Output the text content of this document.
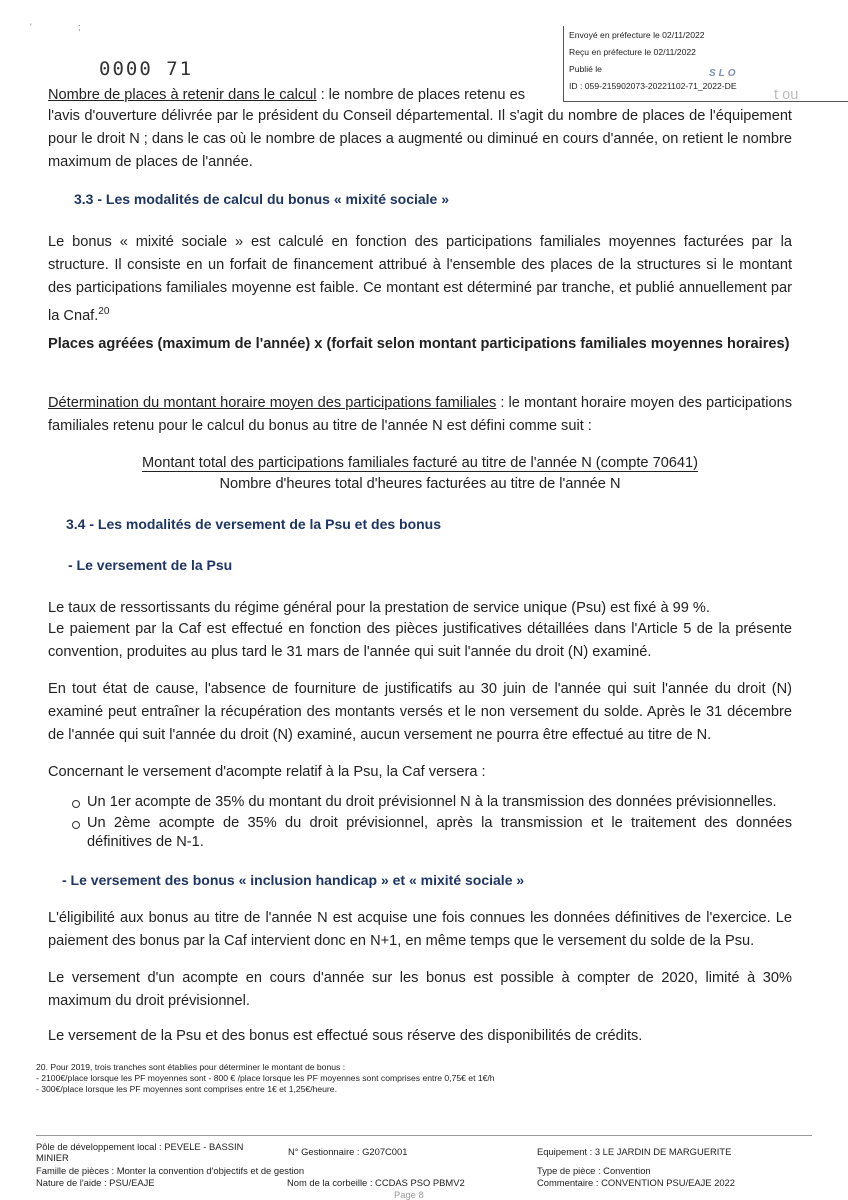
'	;
Envoyé en préfecture le 02/11/2022
Reçu en préfecture le 02/11/2022
Publié le
ID : 059-215902073-20221102-71_2022-DE
SLO
0000 71
Nombre de places à retenir dans le calcul : le nombre de places retenu es	t ou
l'avis d'ouverture délivrée par le président du Conseil départemental. Il s'agit du nombre de places de l'équipement pour le droit N ; dans le cas où le nombre de places a augmenté ou diminué en cours d'année, on retient le nombre maximum de places de l'année.
3.3 - Les modalités de calcul du bonus « mixité sociale »
Le bonus « mixité sociale » est calculé en fonction des participations familiales moyennes facturées par la structure. Il consiste en un forfait de financement attribué à l'ensemble des places de la structures si le montant des participations familiales moyenne est faible. Ce montant est déterminé par tranche, et publié annuellement par la Cnaf.$^{20}$
Places agréées (maximum de l'année) x (forfait selon montant participations familiales moyennes horaires)
Détermination du montant horaire moyen des participations familiales : le montant horaire moyen des participations familiales retenu pour le calcul du bonus au titre de l'année N est défini comme suit :
Montant total des participations familiales facturé au titre de l'année N (compte 70641)
Nombre d'heures total d'heures facturées au titre de l'année N
3.4 - Les modalités de versement de la Psu et des bonus
- Le versement de la Psu
Le taux de ressortissants du régime général pour la prestation de service unique (Psu) est fixé à 99 %.
Le paiement par la Caf est effectué en fonction des pièces justificatives détaillées dans l'Article 5 de la présente convention, produites au plus tard le 31 mars de l'année qui suit l'année du droit (N) examiné.
En tout état de cause, l'absence de fourniture de justificatifs au 30 juin de l'année qui suit l'année du droit (N) examiné peut entraîner la récupération des montants versés et le non versement du solde. Après le 31 décembre de l'année qui suit l'année du droit (N) examiné, aucun versement ne pourra être effectué au titre de N.
Concernant le versement d'acompte relatif à la Psu, la Caf versera :
Un 1er acompte de 35% du montant du droit prévisionnel N à la transmission des données prévisionnelles.
Un 2ème acompte de 35% du droit prévisionnel, après la transmission et le traitement des données définitives de N-1.
- Le versement des bonus « inclusion handicap » et « mixité sociale »
L'éligibilité aux bonus au titre de l'année N est acquise une fois connues les données définitives de l'exercice. Le paiement des bonus par la Caf intervient donc en N+1, en même temps que le versement du solde de la Psu.
Le versement d'un acompte en cours d'année sur les bonus est possible à compter de 2020, limité à 30% maximum du droit prévisionnel.
Le versement de la Psu et des bonus est effectué sous réserve des disponibilités de crédits.
20. Pour 2019, trois tranches sont établies pour déterminer le montant de bonus :
- 2100€/place lorsque les PF moyennes sont - 800 € /place lorsque les PF moyennes sont comprises entre 0,75€ et 1€/h
- 300€/place lorsque les PF moyennes sont comprises entre 1€ et 1,25€/heure.
Pôle de développement local : PEVELE - BASSIN
MINIER
N° Gestionnaire : G207C001	Equipement : 3 LE JARDIN DE MARGUERITE
Famille de pièces : Monter la convention d'objectifs et de gestion	Type de pièce : Convention
Nature de l'aide : PSU/EAJE	Nom de la corbeille : CCDAS PSO PBMV2	Commentaire : CONVENTION PSU/EAJE 2022
Page 8
